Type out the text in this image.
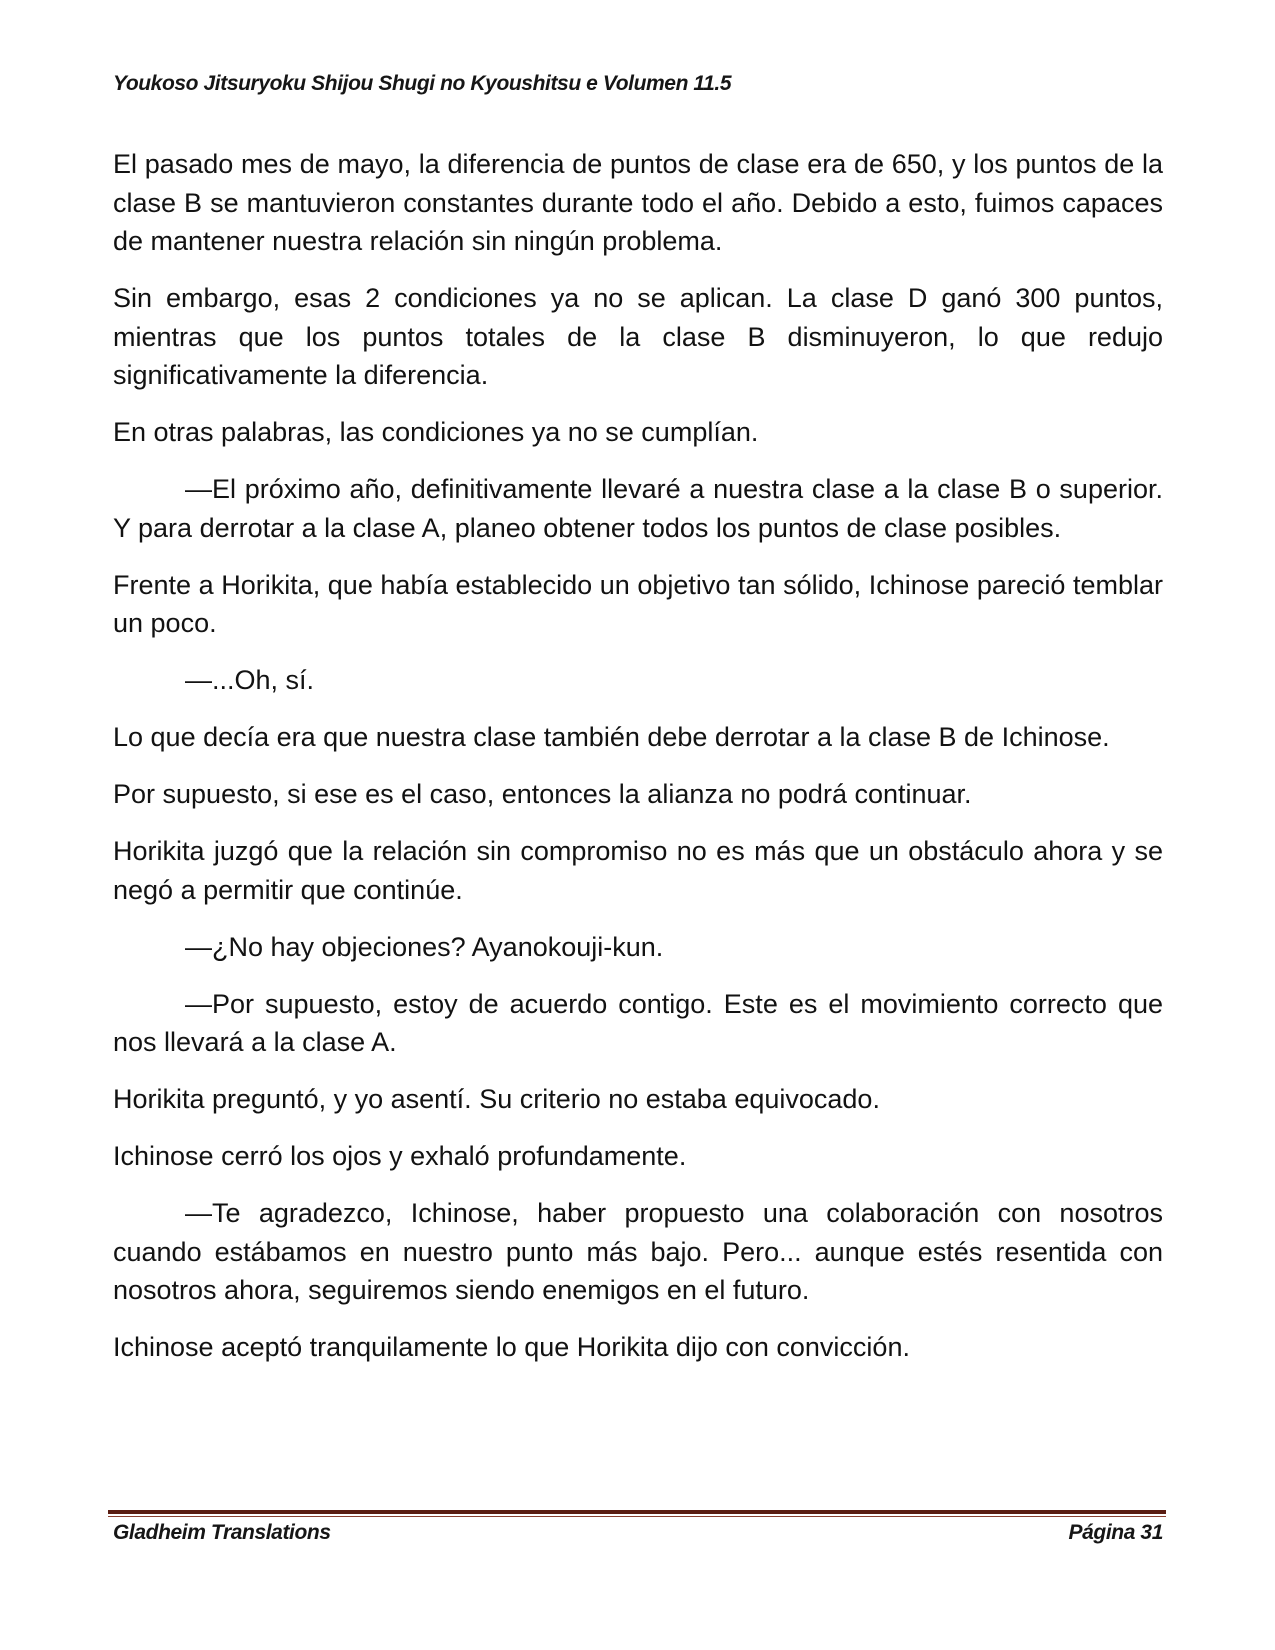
Youkoso Jitsuryoku Shijou Shugi no Kyoushitsu e Volumen 11.5

El pasado mes de mayo, la diferencia de puntos de clase era de 650, y los puntos de la clase B se mantuvieron constantes durante todo el año. Debido a esto, fuimos capaces de mantener nuestra relación sin ningún problema.

Sin embargo, esas 2 condiciones ya no se aplican. La clase D ganó 300 puntos, mientras que los puntos totales de la clase B disminuyeron, lo que redujo significativamente la diferencia.

En otras palabras, las condiciones ya no se cumplían.

—El próximo año, definitivamente llevaré a nuestra clase a la clase B o superior. Y para derrotar a la clase A, planeo obtener todos los puntos de clase posibles.

Frente a Horikita, que había establecido un objetivo tan sólido, Ichinose pareció temblar un poco.

—...Oh, sí.

Lo que decía era que nuestra clase también debe derrotar a la clase B de Ichinose.

Por supuesto, si ese es el caso, entonces la alianza no podrá continuar.

Horikita juzgó que la relación sin compromiso no es más que un obstáculo ahora y se negó a permitir que continúe.

—¿No hay objeciones? Ayanokouji-kun.

—Por supuesto, estoy de acuerdo contigo. Este es el movimiento correcto que nos llevará a la clase A.

Horikita preguntó, y yo asentí. Su criterio no estaba equivocado.

Ichinose cerró los ojos y exhaló profundamente.

—Te agradezco, Ichinose, haber propuesto una colaboración con nosotros cuando estábamos en nuestro punto más bajo. Pero... aunque estés resentida con nosotros ahora, seguiremos siendo enemigos en el futuro.

Ichinose aceptó tranquilamente lo que Horikita dijo con convicción.

Gladheim Translations	Página 31
